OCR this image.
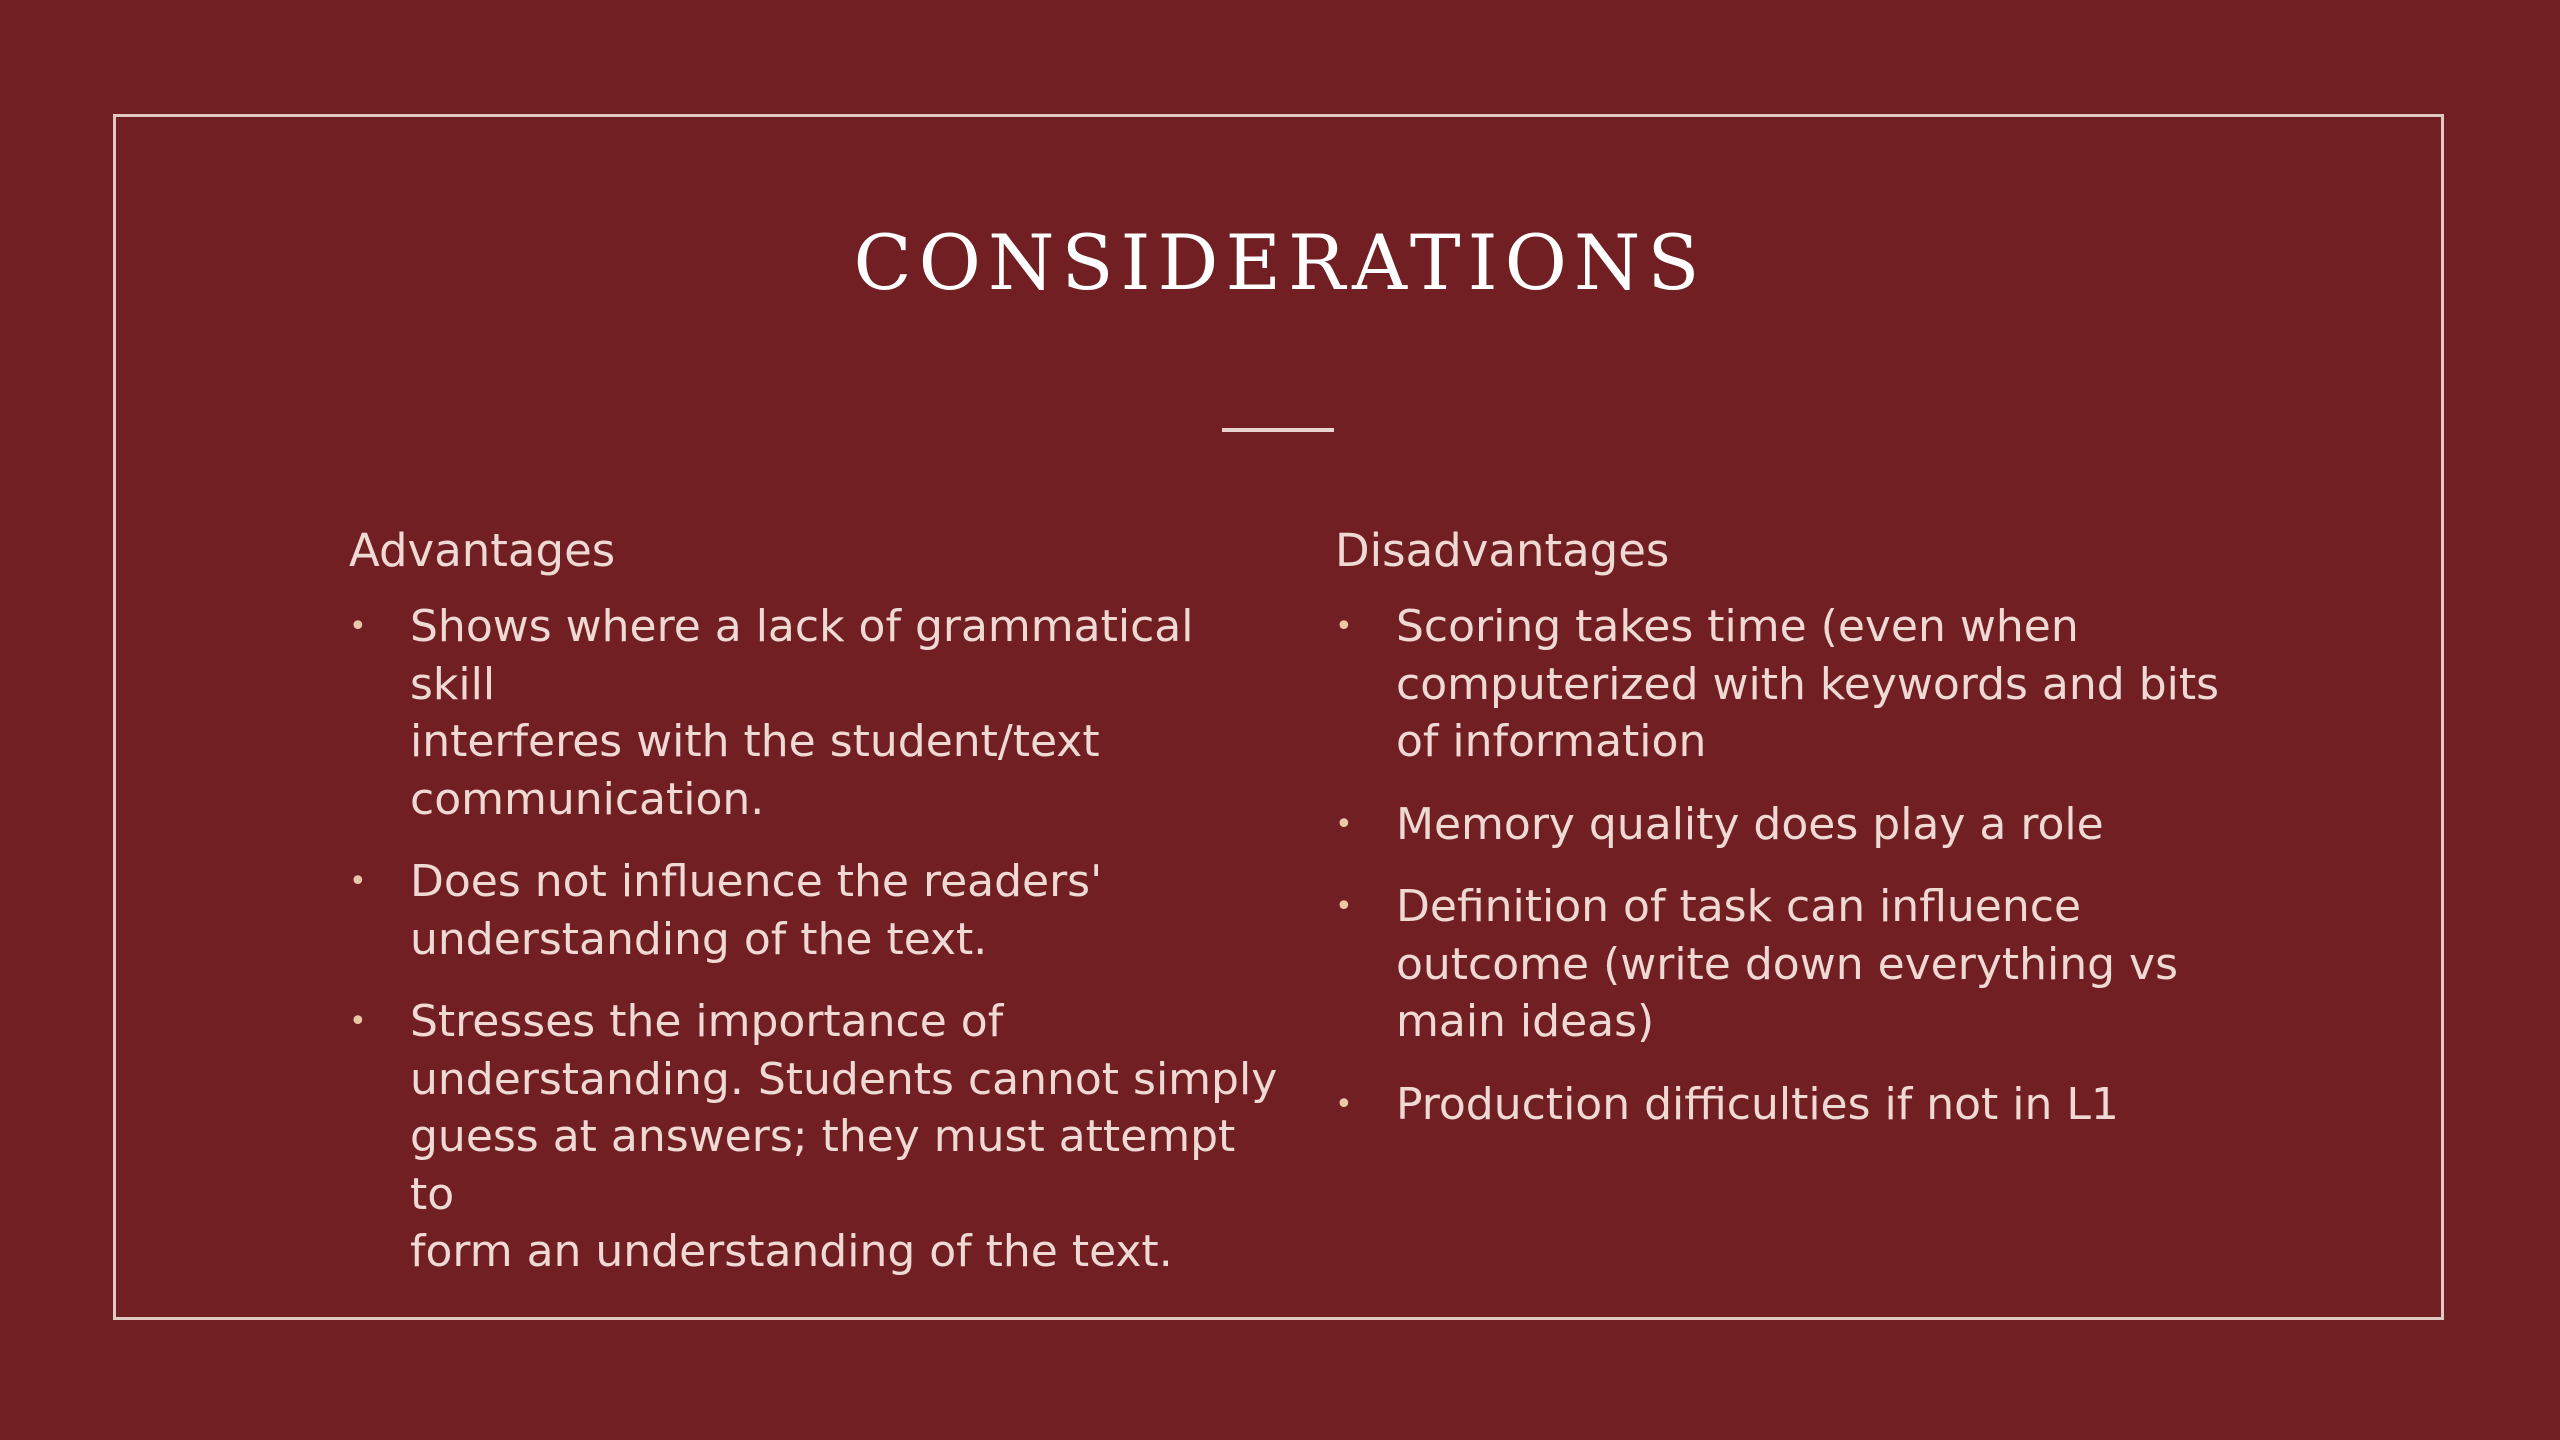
CONSIDERATIONS
Advantages
• Shows where a lack of grammatical skill
interferes with the student/text
communication.
• Does not influence the readers'
understanding of the text.
• Stresses the importance of
understanding. Students cannot simply
guess at answers; they must attempt to
form an understanding of the text.
Disadvantages
• Scoring takes time (even when
computerized with keywords and bits
of information
• Memory quality does play a role
• Definition of task can influence
outcome (write down everything vs
main ideas)
• Production difficulties if not in L1
